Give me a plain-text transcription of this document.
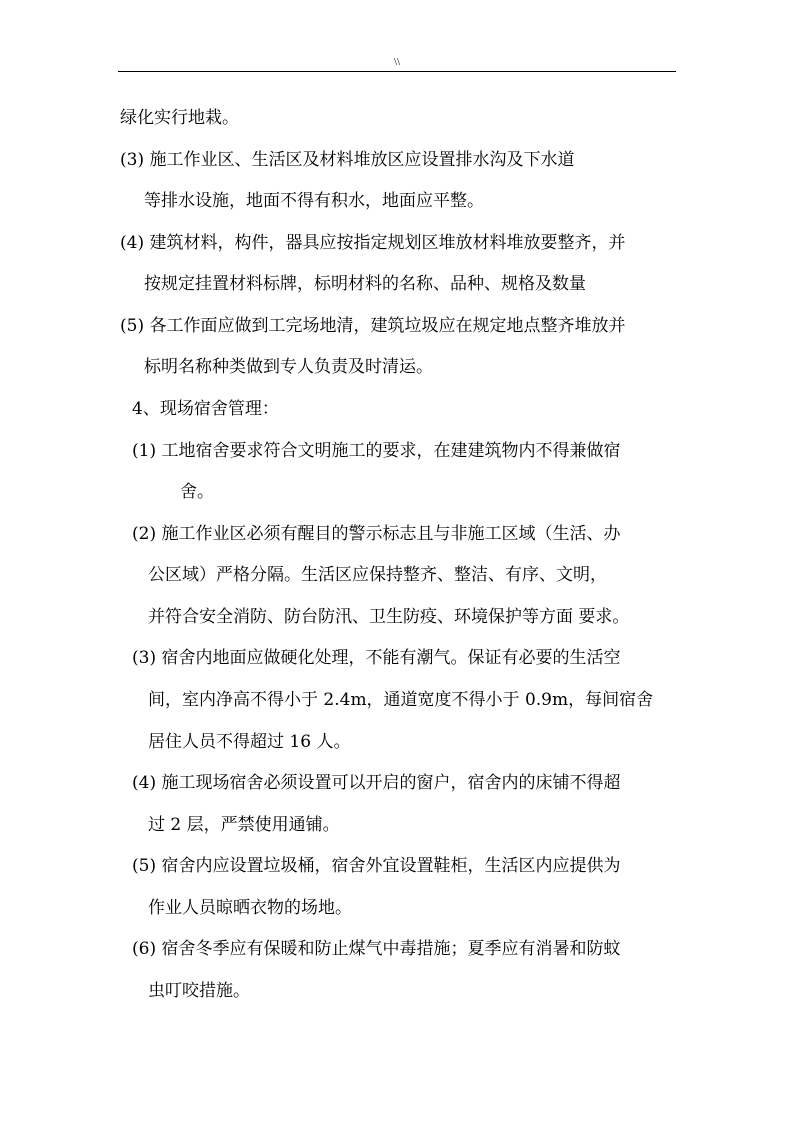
\\
绿化实行地栽。
(3) 施工作业区、生活区及材料堆放区应设置排水沟及下水道
等排水设施，地面不得有积水，地面应平整。
(4) 建筑材料，构件，器具应按指定规划区堆放材料堆放要整齐，并
按规定挂置材料标牌，标明材料的名称、品种、规格及数量
(5) 各工作面应做到工完场地清，建筑垃圾应在规定地点整齐堆放并
标明名称种类做到专人负责及时清运。
4、现场宿舍管理：
(1) 工地宿舍要求符合文明施工的要求，在建建筑物内不得兼做宿
舍。
(2) 施工作业区必须有醒目的警示标志且与非施工区域（生活、办
公区域）严格分隔。生活区应保持整齐、整洁、有序、文明，
并符合安全消防、防台防汛、卫生防疫、环境保护等方面 要求。
(3) 宿舍内地面应做硬化处理，不能有潮气。保证有必要的生活空
间，室内净高不得小于 2.4m，通道宽度不得小于 0.9m，每间宿舍
居住人员不得超过 16 人。
(4) 施工现场宿舍必须设置可以开启的窗户，宿舍内的床铺不得超
过 2 层，严禁使用通铺。
(5) 宿舍内应设置垃圾桶，宿舍外宜设置鞋柜，生活区内应提供为
作业人员晾晒衣物的场地。
(6) 宿舍冬季应有保暖和防止煤气中毒措施；夏季应有消暑和防蚊
虫叮咬措施。
